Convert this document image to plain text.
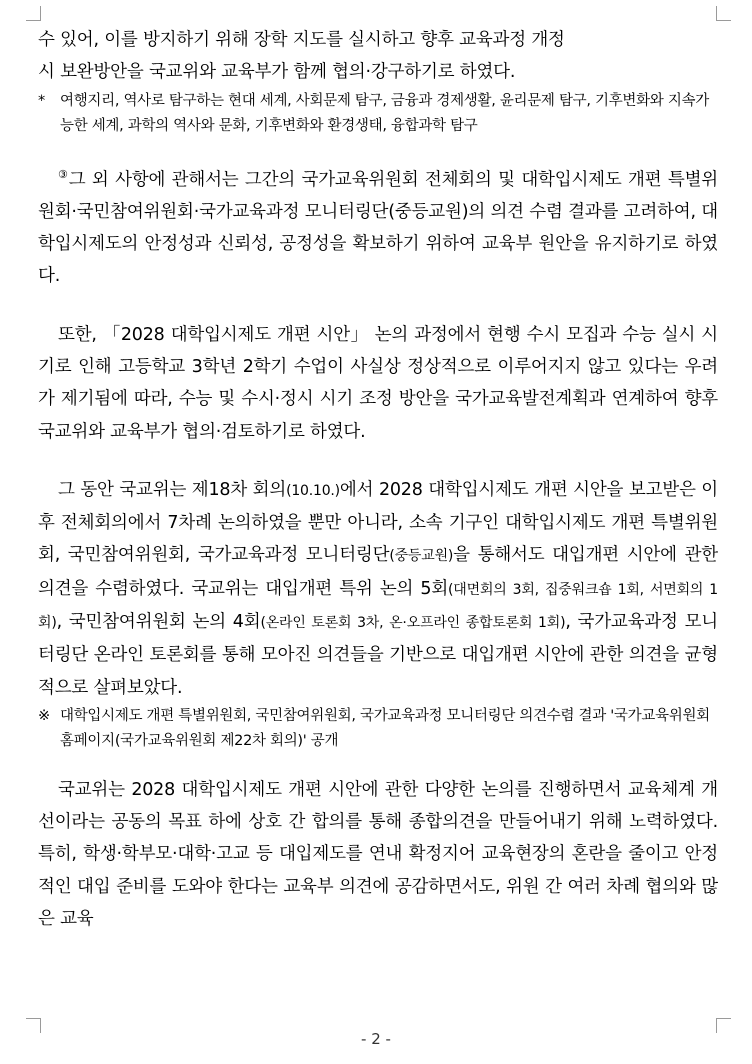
수 있어, 이를 방지하기 위해 장학 지도를 실시하고 향후 교육과정 개정
시 보완방안을 국교위와 교육부가 함께 협의·강구하기로 하였다.

* 여행지리, 역사로 탐구하는 현대 세계, 사회문제 탐구, 금융과 경제생활, 윤리문제 탐구, 기후변화와 지속가능한 세계, 과학의 역사와 문화, 기후변화와 환경생태, 융합과학 탐구

③그 외 사항에 관해서는 그간의 국가교육위원회 전체회의 및 대학입시제도 개편 특별위원회·국민참여위원회·국가교육과정 모니터링단(중등교원)의 의견 수렴 결과를 고려하여, 대학입시제도의 안정성과 신뢰성, 공정성을 확보하기 위하여 교육부 원안을 유지하기로 하였다.

또한, 「2028 대학입시제도 개편 시안」 논의 과정에서 현행 수시 모집과 수능 실시 시기로 인해 고등학교 3학년 2학기 수업이 사실상 정상적으로 이루어지지 않고 있다는 우려가 제기됨에 따라, 수능 및 수시·정시 시기 조정 방안을 국가교육발전계획과 연계하여 향후 국교위와 교육부가 협의·검토하기로 하였다.

그 동안 국교위는 제18차 회의(10.10.)에서 2028 대학입시제도 개편 시안을 보고받은 이후 전체회의에서 7차례 논의하였을 뿐만 아니라, 소속 기구인 대학입시제도 개편 특별위원회, 국민참여위원회, 국가교육과정 모니터링단(중등교원)을 통해서도 대입개편 시안에 관한 의견을 수렴하였다. 국교위는 대입개편 특위 논의 5회(대면회의 3회, 집중워크숍 1회, 서면회의 1회), 국민참여위원회 논의 4회(온라인 토론회 3차, 온·오프라인 종합토론회 1회), 국가교육과정 모니터링단 온라인 토론회를 통해 모아진 의견들을 기반으로 대입개편 시안에 관한 의견을 균형적으로 살펴보았다.

※ 대학입시제도 개편 특별위원회, 국민참여위원회, 국가교육과정 모니터링단 의견수렴 결과 '국가교육위원회 홈페이지(국가교육위원회 제22차 회의)' 공개

국교위는 2028 대학입시제도 개편 시안에 관한 다양한 논의를 진행하면서 교육체계 개선이라는 공동의 목표 하에 상호 간 합의를 통해 종합의견을 만들어내기 위해 노력하였다. 특히, 학생·학부모·대학·고교 등 대입제도를 연내 확정지어 교육현장의 혼란을 줄이고 안정적인 대입 준비를 도와야 한다는 교육부 의견에 공감하면서도, 위원 간 여러 차례 협의와 많은 교육

- 2 -
